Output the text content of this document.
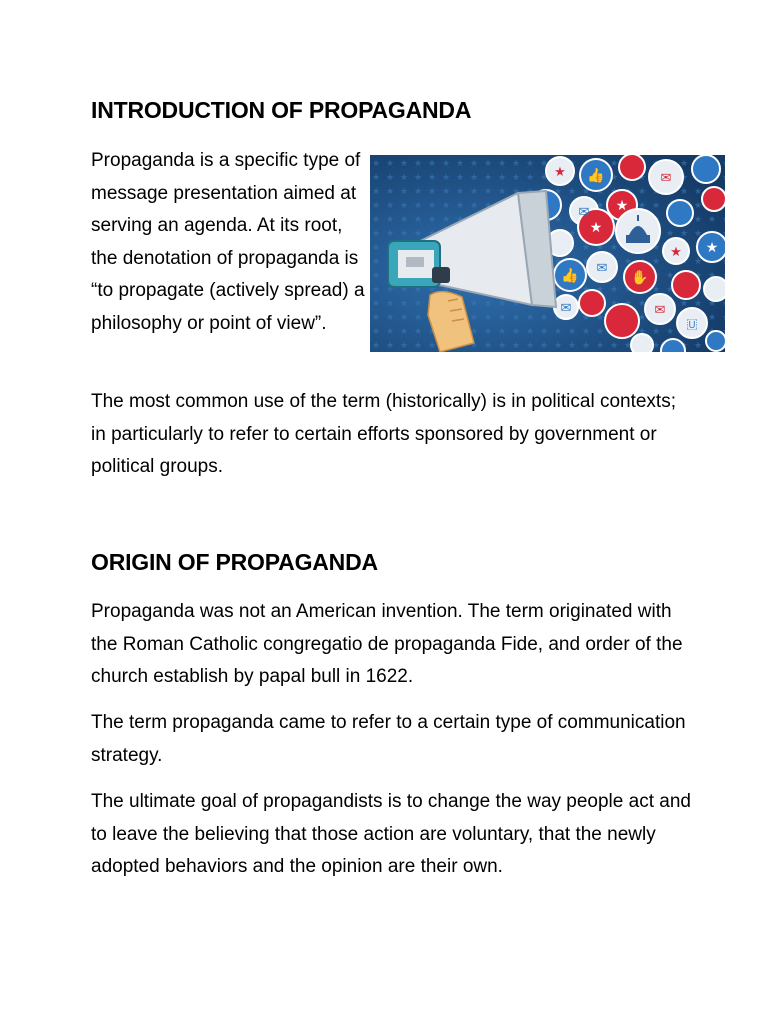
INTRODUCTION OF PROPAGANDA

Propaganda is a specific type of message presentation aimed at serving an agenda. At its root, the denotation of propaganda is “to propagate (actively spread) a philosophy or point of view”.

👍
★
★
★
✋
👍
★	✉
★
✉
✉
✉
✉
🇺

The most common use of the term (historically) is in political contexts; in particularly to refer to certain efforts sponsored by government or political groups.

ORIGIN OF PROPAGANDA

Propaganda was not an American invention. The term originated with the Roman Catholic congregatio de propaganda Fide, and order of the church establish by papal bull in 1622.

The term propaganda came to refer to a certain type of communication strategy.

The ultimate goal of propagandists is to change the way people act and to leave the believing that those action are voluntary, that the newly adopted behaviors and the opinion are their own.
